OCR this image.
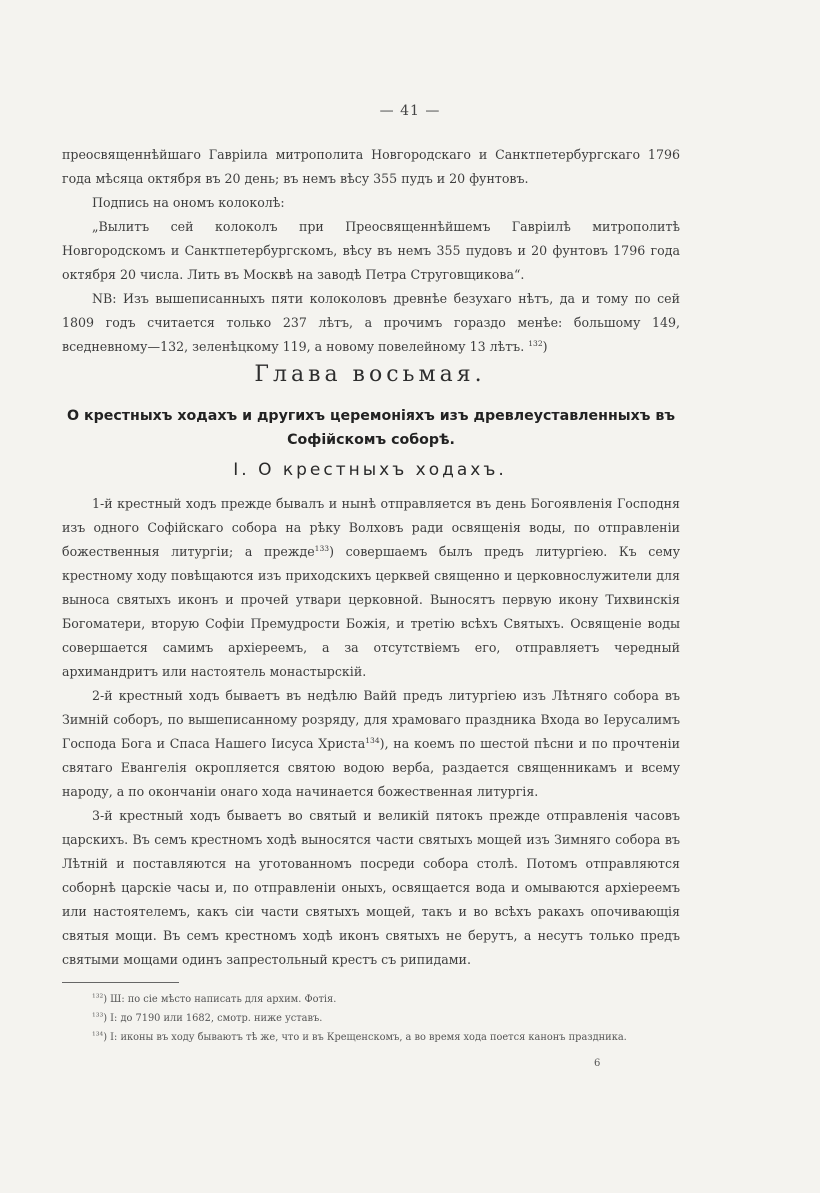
— 41 —

преосвященнѣйшаго Гавріила митрополита Новгородскаго и Санктпетербургскаго 1796 года мѣсяца октября въ 20 день; въ немъ вѣсу 355 пудъ и 20 фунтовъ.

Подпись на ономъ колоколѣ:

„Вылитъ сей колоколъ при Преосвященнѣйшемъ Гавріилѣ митрополитѣ Новгородскомъ и Санктпетербургскомъ, вѣсу въ немъ 355 пудовъ и 20 фунтовъ 1796 года октября 20 числа. Лить въ Москвѣ на заводѣ Петра Струговщикова“.

NB: Изъ вышеписанныхъ пяти колоколовъ древнѣе безухаго нѣтъ, да и тому по сей 1809 годъ считается только 237 лѣтъ, а прочимъ гораздо менѣе: большому 149, вседневному—132, зеленѣцкому 119, а новому повелейному 13 лѣтъ. $^{132}$)

Глава восьмая.
О крестныхъ ходахъ и другихъ церемоніяхъ изъ древлеуставленныхъ въ Софійскомъ соборѣ.
I. О крестныхъ ходахъ.

1-й крестный ходъ прежде бывалъ и нынѣ отправляется въ день Богоявленія Господня изъ одного Софійскаго собора на рѣку Волховъ ради освященія воды, по отправленіи божественныя литургіи; а прежде$^{133}$) совершаемъ былъ предъ литургіею. Къ сему крестному ходу повѣщаются изъ приходскихъ церквей священно и церковнослужители для выноса святыхъ иконъ и прочей утвари церковной. Выносятъ первую икону Тихвинскія Богоматери, вторую Софіи Премудрости Божія, и третію всѣхъ Святыхъ. Освященіе воды совершается самимъ архіереемъ, а за отсутствіемъ его, отправляетъ чередный архимандритъ или настоятель монастырскій.

2-й крестный ходъ бываетъ въ недѣлю Вайй предъ литургіею изъ Лѣтняго собора въ Зимній соборъ, по вышеписанному розряду, для храмоваго праздника Входа во Іерусалимъ Господа Бога и Спаса Нашего Іисуса Христа$^{134}$), на коемъ по шестой пѣсни и по прочтеніи святаго Евангелія окропляется святою водою верба, раздается священникамъ и всему народу, а по окончаніи онаго хода начинается божественная литургія.

3-й крестный ходъ бываетъ во святый и великій пятокъ прежде отправленія часовъ царскихъ. Въ семъ крестномъ ходѣ выносятся части святыхъ мощей изъ Зимняго собора въ Лѣтній и поставляются на уготованномъ посреди собора столѣ. Потомъ отправляются соборнѣ царскіе часы и, по отправленіи оныхъ, освящается вода и омываются архіереемъ или настоятелемъ, какъ сіи части святыхъ мощей, такъ и во всѣхъ ракахъ опочивающія святыя мощи. Въ семъ крестномъ ходѣ иконъ святыхъ не берутъ, а несутъ только предъ святыми мощами одинъ запрестольный крестъ съ рипидами.

$^{132}$) Ш: по сіе мѣсто написать для архим. Фотія.

$^{133}$) I: до 7190 или 1682, смотр. ниже уставъ.

$^{134}$) I: иконы въ ходу бываютъ тѣ же, что и въ Крещенскомъ, а во время хода поется канонъ праздника.

6
